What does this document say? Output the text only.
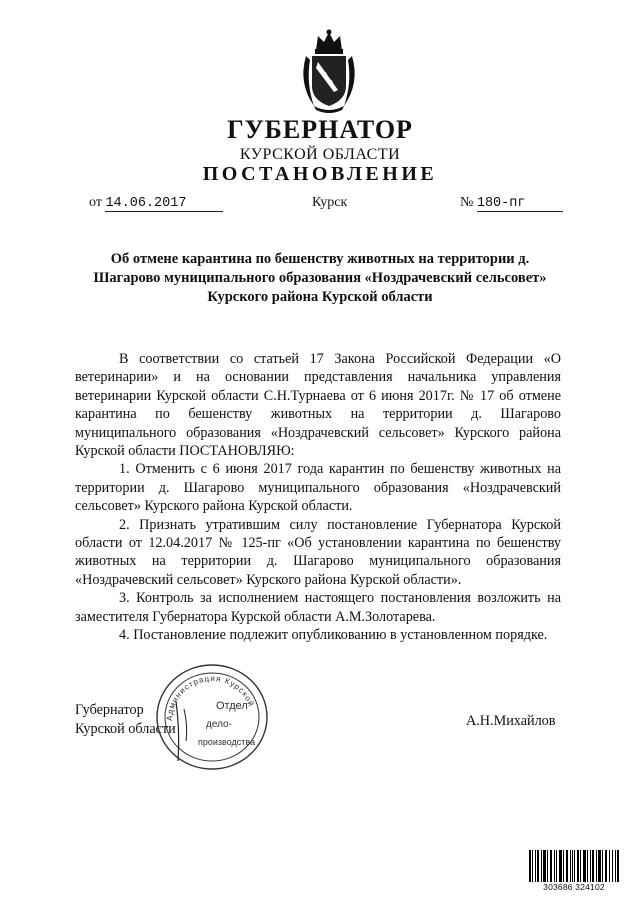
ГУБЕРНАТОР
КУРСКОЙ ОБЛАСТИ
ПОСТАНОВЛЕНИЕ
от 14.06.2017	Курск	№ 180-пг
Об отмене карантина по бешенству животных на территории д. Шагарово муниципального образования «Ноздрачевский сельсовет» Курского района Курской области

В соответствии со статьей 17 Закона Российской Федерации «О ветеринарии» и на основании представления начальника управления ветеринарии Курской области С.Н.Турнаева от 6 июня 2017г. № 17 об отмене карантина по бешенству животных на территории д. Шагарово муниципального образования «Ноздрачевский сельсовет» Курского района Курской области ПОСТАНОВЛЯЮ:

1. Отменить с 6 июня 2017 года карантин по бешенству животных на территории д. Шагарово муниципального образования «Ноздрачевский сельсовет» Курского района Курской области.

2. Признать утратившим силу постановление Губернатора Курской области от 12.04.2017 № 125-пг «Об установлении карантина по бешенству животных на территории д. Шагарово муниципального образования «Ноздрачевский сельсовет» Курского района Курской области».

3. Контроль за исполнением настоящего постановления возложить на заместителя Губернатора Курской области А.М.Золотарева.

4. Постановление подлежит опубликованию в установленном порядке.

Губернатор
Курской области	А.Н.Михайлов
Администрация Курской
Отдел
дело-
производства
303686 324102
